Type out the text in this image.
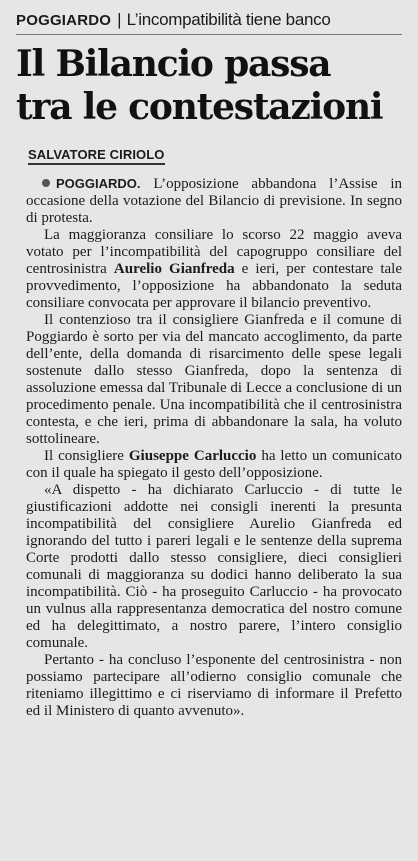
POGGIARDO | L’incompatibilità tiene banco
Il Bilancio passa
tra le contestazioni
SALVATORE CIRIOLO

POGGIARDO. L’opposizione abbandona l’Assise in occasione della votazione del Bilancio di previsione. In segno di protesta.

La maggioranza consiliare lo scorso 22 maggio aveva votato per l’incompatibilità del capogruppo consiliare del centrosinistra Aurelio Gianfreda e ieri, per contestare tale provvedimento, l’opposizione ha abbandonato la seduta consiliare convocata per approvare il bilancio preventivo.

Il contenzioso tra il consigliere Gianfreda e il comune di Poggiardo è sorto per via del mancato accoglimento, da parte dell’ente, della domanda di risarcimento delle spese legali sostenute dallo stesso Gianfreda, dopo la sentenza di assoluzione emessa dal Tribunale di Lecce a conclusione di un procedimento penale. Una incompatibilità che il centrosinistra contesta, e che ieri, prima di abbandonare la sala, ha voluto sottolineare.

Il consigliere Giuseppe Carluccio ha letto un comunicato con il quale ha spiegato il gesto dell’opposizione.

«A dispetto - ha dichiarato Carluccio - di tutte le giustificazioni addotte nei consigli inerenti la presunta incompatibilità del consigliere Aurelio Gianfreda ed ignorando del tutto i pareri legali e le sentenze della suprema Corte prodotti dallo stesso consigliere, dieci consiglieri comunali di maggioranza su dodici hanno deliberato la sua incompatibilità. Ciò - ha proseguito Carluccio - ha provocato un vulnus alla rappresentanza democratica del nostro comune ed ha delegittimato, a nostro parere, l’intero consiglio comunale.

Pertanto - ha concluso l’esponente del centrosinistra - non possiamo partecipare all’odierno consiglio comunale che riteniamo illegittimo e ci riserviamo di informare il Prefetto ed il Ministero di quanto avvenuto».
